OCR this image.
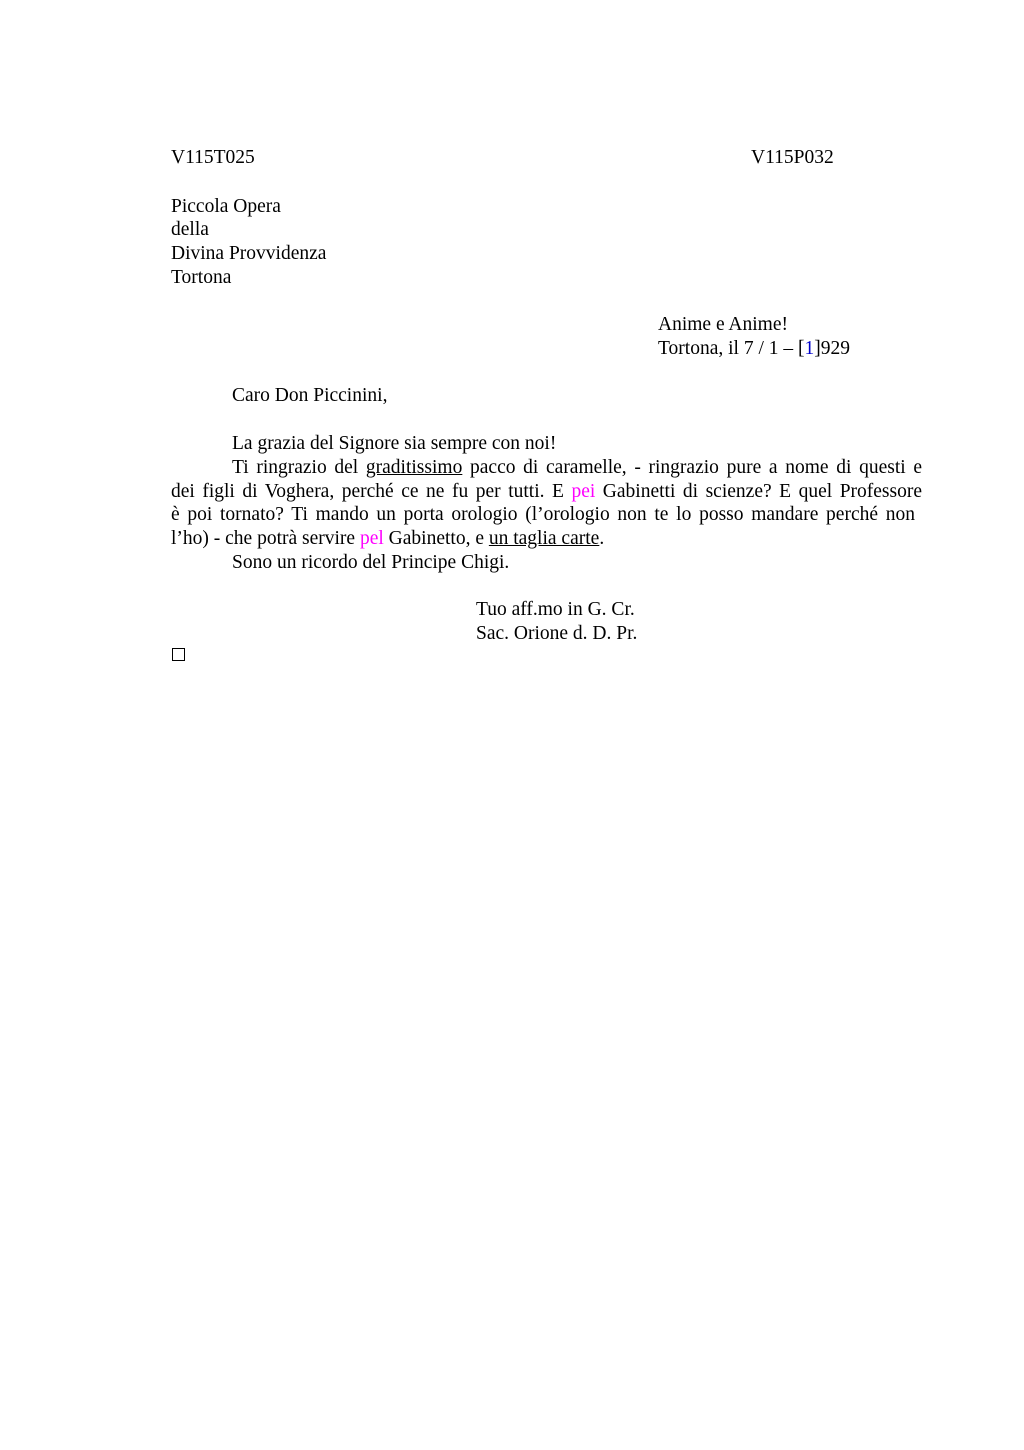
V115T025	V115P032
Piccola Opera
della
Divina Provvidenza
Tortona
Anime e Anime!
Tortona, il 7 / 1 – [1]929
Caro Don Piccinini,
La grazia del Signore sia sempre con noi!
Ti ringrazio del graditissimo pacco di caramelle, - ringrazio pure a nome di questi e
dei figli di Voghera, perché ce ne fu per tutti. E pei Gabinetti di scienze? E quel Professore
è poi tornato? Ti mando un porta orologio (l’orologio non te lo posso mandare perché non
l’ho) - che potrà servire pel Gabinetto, e un taglia carte.
Sono un ricordo del Principe Chigi.
Tuo aff.mo in G. Cr.
Sac. Orione d. D. Pr.
